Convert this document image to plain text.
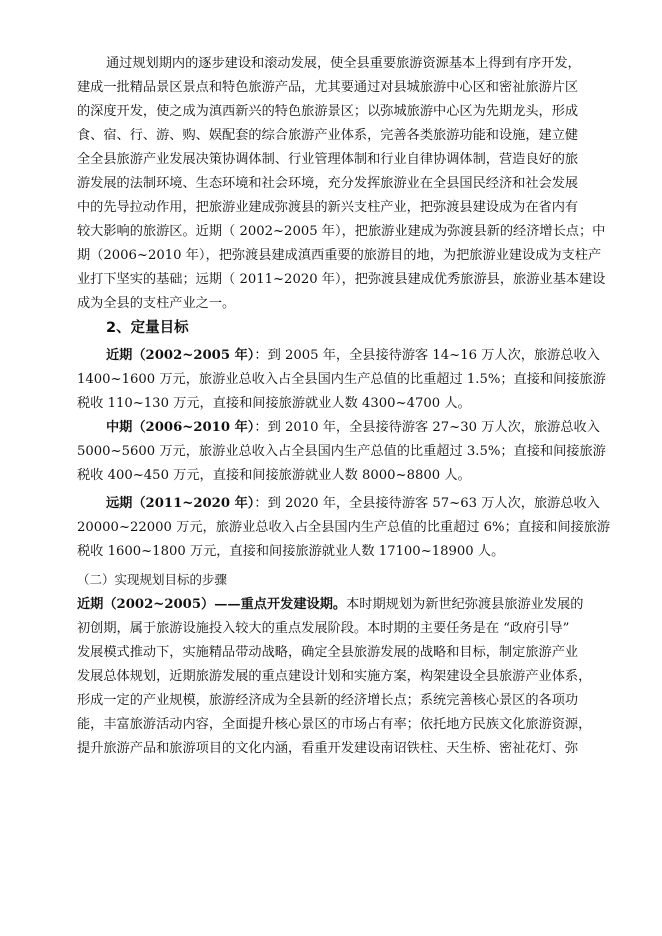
通过规划期内的逐步建设和滚动发展，使全县重要旅游资源基本上得到有序开发，
建成一批精品景区景点和特色旅游产品，尤其要通过对县城旅游中心区和密祉旅游片区
的深度开发，使之成为滇西新兴的特色旅游景区；以弥城旅游中心区为先期龙头，形成
食、宿、行、游、购、娱配套的综合旅游产业体系，完善各类旅游功能和设施，建立健
全全县旅游产业发展决策协调体制、行业管理体制和行业自律协调体制，营造良好的旅
游发展的法制环境、生态环境和社会环境，充分发挥旅游业在全县国民经济和社会发展
中的先导拉动作用，把旅游业建成弥渡县的新兴支柱产业，把弥渡县建设成为在省内有
较大影响的旅游区。近期（ 2002~2005 年），把旅游业建成为弥渡县新的经济增长点；中
期（2006~2010 年），把弥渡县建成滇西重要的旅游目的地，为把旅游业建设成为支柱产
业打下坚实的基础；远期（ 2011~2020 年），把弥渡县建成优秀旅游县，旅游业基本建设
成为全县的支柱产业之一。
2、定量目标
近期（2002~2005 年）：到 2005 年，全县接待游客 14~16 万人次，旅游总收入
1400~1600 万元，旅游业总收入占全县国内生产总值的比重超过 1.5%；直接和间接旅游
税收 110~130 万元，直接和间接旅游就业人数 4300~4700 人。
中期（2006~2010 年）：到 2010 年，全县接待游客 27~30 万人次，旅游总收入
5000~5600 万元，旅游业总收入占全县国内生产总值的比重超过 3.5%；直接和间接旅游
税收 400~450 万元，直接和间接旅游就业人数 8000~8800 人。
远期（2011~2020 年）：到 2020 年，全县接待游客 57~63 万人次，旅游总收入
20000~22000 万元，旅游业总收入占全县国内生产总值的比重超过 6%；直接和间接旅游
税收 1600~1800 万元，直接和间接旅游就业人数 17100~18900 人。
（二）实现规划目标的步骤
近期（2002~2005）——重点开发建设期。本时期规划为新世纪弥渡县旅游业发展的
初创期，属于旅游设施投入较大的重点发展阶段。本时期的主要任务是在 “政府引导”
发展模式推动下，实施精品带动战略，确定全县旅游发展的战略和目标，制定旅游产业
发展总体规划，近期旅游发展的重点建设计划和实施方案，构架建设全县旅游产业体系，
形成一定的产业规模，旅游经济成为全县新的经济增长点；系统完善核心景区的各项功
能，丰富旅游活动内容，全面提升核心景区的市场占有率；依托地方民族文化旅游资源，
提升旅游产品和旅游项目的文化内涵，看重开发建设南诏铁柱、天生桥、密祉花灯、弥
